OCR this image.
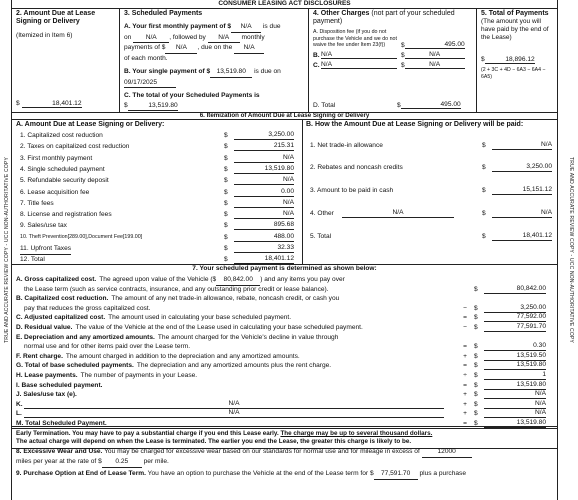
TRUE AND ACCURATE REVIEW COPY - UCC NON-AUTHORITATIVE COPY	TRUE AND ACCURATE REVIEW COPY - UCC NON-AUTHORITATIVE COPY
CONSUMER LEASING ACT DISCLOSURES
2. Amount Due at Lease Signing or Delivery
(Itemized in Item 6)
$	18,401.12
3. Scheduled Payments
A. Your first monthly payment of $ N/A is due
on N/A , followed by N/A monthly
payments of $ N/A , due on the N/A
of each month.
B. Your single payment of $ 13,519.80 is due on
09/17/2025
C. The total of your Scheduled Payments is
$	13,519.80
4. Other Charges (not part of your scheduled payment)
A. Disposition fee (if you do not purchase the Vehicle and we do not waive the fee under Item 23(f))	$	495.00
B. N/A	$	N/A
C. N/A	$	N/A
D. Total	$	495.00
5. Total of Payments
(The amount you will have paid by the end of the Lease)
$	18,896.12
(2 + 3C + 4D − 6A3 − 6A4 − 6A5)
6. Itemization of Amount Due at Lease Signing or Delivery
A. Amount Due at Lease Signing or Delivery:
1. Capitalized cost reduction	$	3,250.00
2. Taxes on capitalized cost reduction	$	215.31
3. First monthly payment	$	N/A
4. Single scheduled payment	$	13,519.80
5. Refundable security deposit	$	N/A
6. Lease acquisition fee	$	0.00
7. Title fees	$	N/A
8. License and registration fees	$	N/A
9. Sales/use tax	$	895.68
10. Theft Prevention[289.00],Document Fee[199.00]	$	488.00
11. Upfront Taxes	$	32.33
12. Total	$	18,401.12
B. How the Amount Due at Lease Signing or Delivery will be paid:
1. Net trade-in allowance	$	N/A
2. Rebates and noncash credits	$	3,250.00
3. Amount to be paid in cash	$	15,151.12
4. Other	N/A	$	N/A
5. Total	$	18,401.12
7. Your scheduled payment is determined as shown below:
A. Gross capitalized cost. The agreed upon value of the Vehicle ($ 80,842.00 ) and any items you pay over
the Lease term (such as service contracts, insurance, and any outstanding prior credit or lease balance).	$	80,842.00
B. Capitalized cost reduction. The amount of any net trade-in allowance, rebate, noncash credit, or cash you
pay that reduces the gross capitalized cost.	−	$	3,250.00
C. Adjusted capitalized cost. The amount used in calculating your base scheduled payment.	=	$	77,592.00
D. Residual value. The value of the Vehicle at the end of the Lease used in calculating your base scheduled payment.	−	$	77,591.70
E. Depreciation and any amortized amounts. The amount charged for the Vehicle's decline in value through
normal use and for other items paid over the Lease term.	=	$	0.30
F. Rent charge. The amount charged in addition to the depreciation and any amortized amounts.	+	$	13,519.50
G. Total of base scheduled payments. The depreciation and any amortized amounts plus the rent charge.	=	$	13,519.80
H. Lease payments. The number of payments in your Lease.	÷	$	1
I. Base scheduled payment.	=	$	13,519.80
J. Sales/use tax (e).	+	$	N/A
K.	N/A	+	$	N/A
L.	N/A	+	$	N/A
M. Total Scheduled Payment.	=	$	13,519.80
Early Termination. You may have to pay a substantial charge if you end this Lease early. The charge may be up to several thousand dollars.
The actual charge will depend on when the Lease is terminated. The earlier you end the Lease, the greater this charge is likely to be.
8. Excessive Wear and Use. You may be charged for excessive wear based on our standards for normal use and for mileage in excess of	12000
miles per year at the rate of $ 0.25 per mile.
9. Purchase Option at End of Lease Term. You have an option to purchase the Vehicle at the end of the Lease term for $ 77,591.70 plus a purchase
